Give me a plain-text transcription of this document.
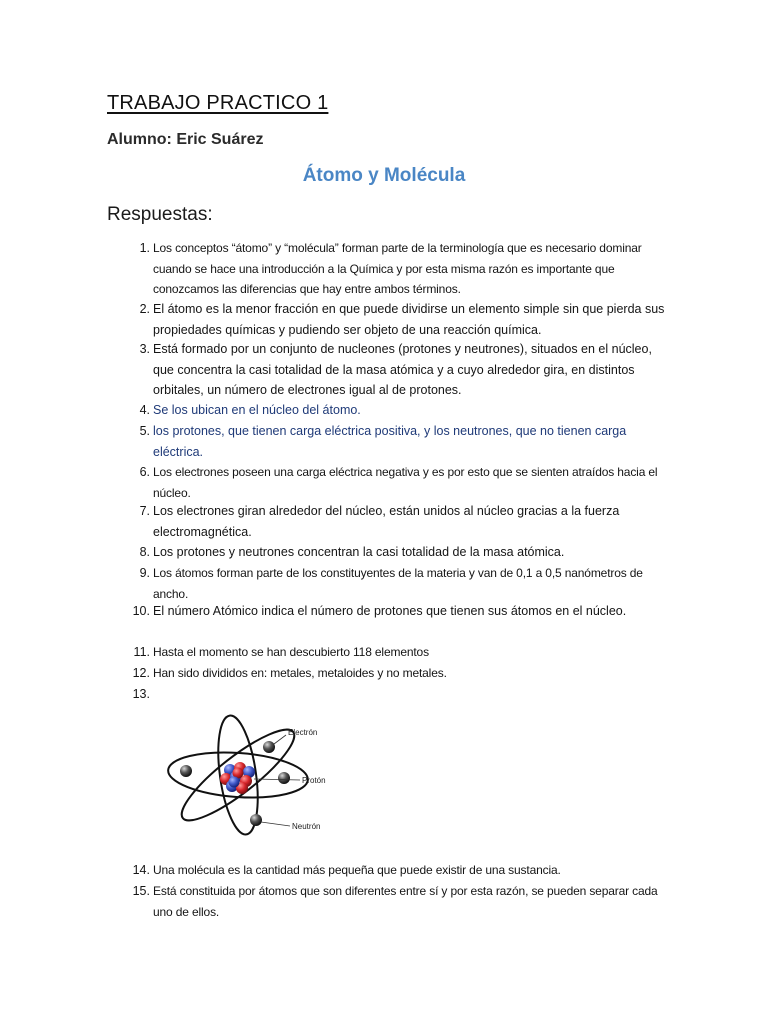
TRABAJO PRACTICO 1
Alumno: Eric Suárez
Átomo y Molécula
Respuestas:
1. Los conceptos “átomo” y “molécula” forman parte de la terminología que es necesario dominar cuando se hace una introducción a la Química y por esta misma razón es importante que conozcamos las diferencias que hay entre ambos términos.
2. El átomo es la menor fracción en que puede dividirse un elemento simple sin que pierda sus propiedades químicas y pudiendo ser objeto de una reacción química.
3. Está formado por un conjunto de nucleones (protones y neutrones), situados en el núcleo, que concentra la casi totalidad de la masa atómica y a cuyo alrededor gira, en distintos orbitales, un número de electrones igual al de protones.
4. Se los ubican en el núcleo del átomo.
5. los protones, que tienen carga eléctrica positiva, y los neutrones, que no tienen carga eléctrica.
6. Los electrones poseen una carga eléctrica negativa y es por esto que se sienten atraídos hacia el núcleo.
7. Los electrones giran alrededor del núcleo, están unidos al núcleo gracias a la fuerza electromagnética.
8. Los protones y neutrones concentran la casi totalidad de la masa atómica.
9. Los átomos forman parte de los constituyentes de la materia y van de 0,1 a 0,5 nanómetros de ancho.
10. El número Atómico indica el número de protones que tienen sus átomos en el núcleo.
11. Hasta el momento se han descubierto 118 elementos
12. Han sido divididos en: metales, metaloides y no metales.
13.
14. Una molécula es la cantidad más pequeña que puede existir de una sustancia.
15. Está constituida por átomos que son diferentes entre sí y por esta razón, se pueden separar cada uno de ellos.
Electrón
Protón
Neutrón
